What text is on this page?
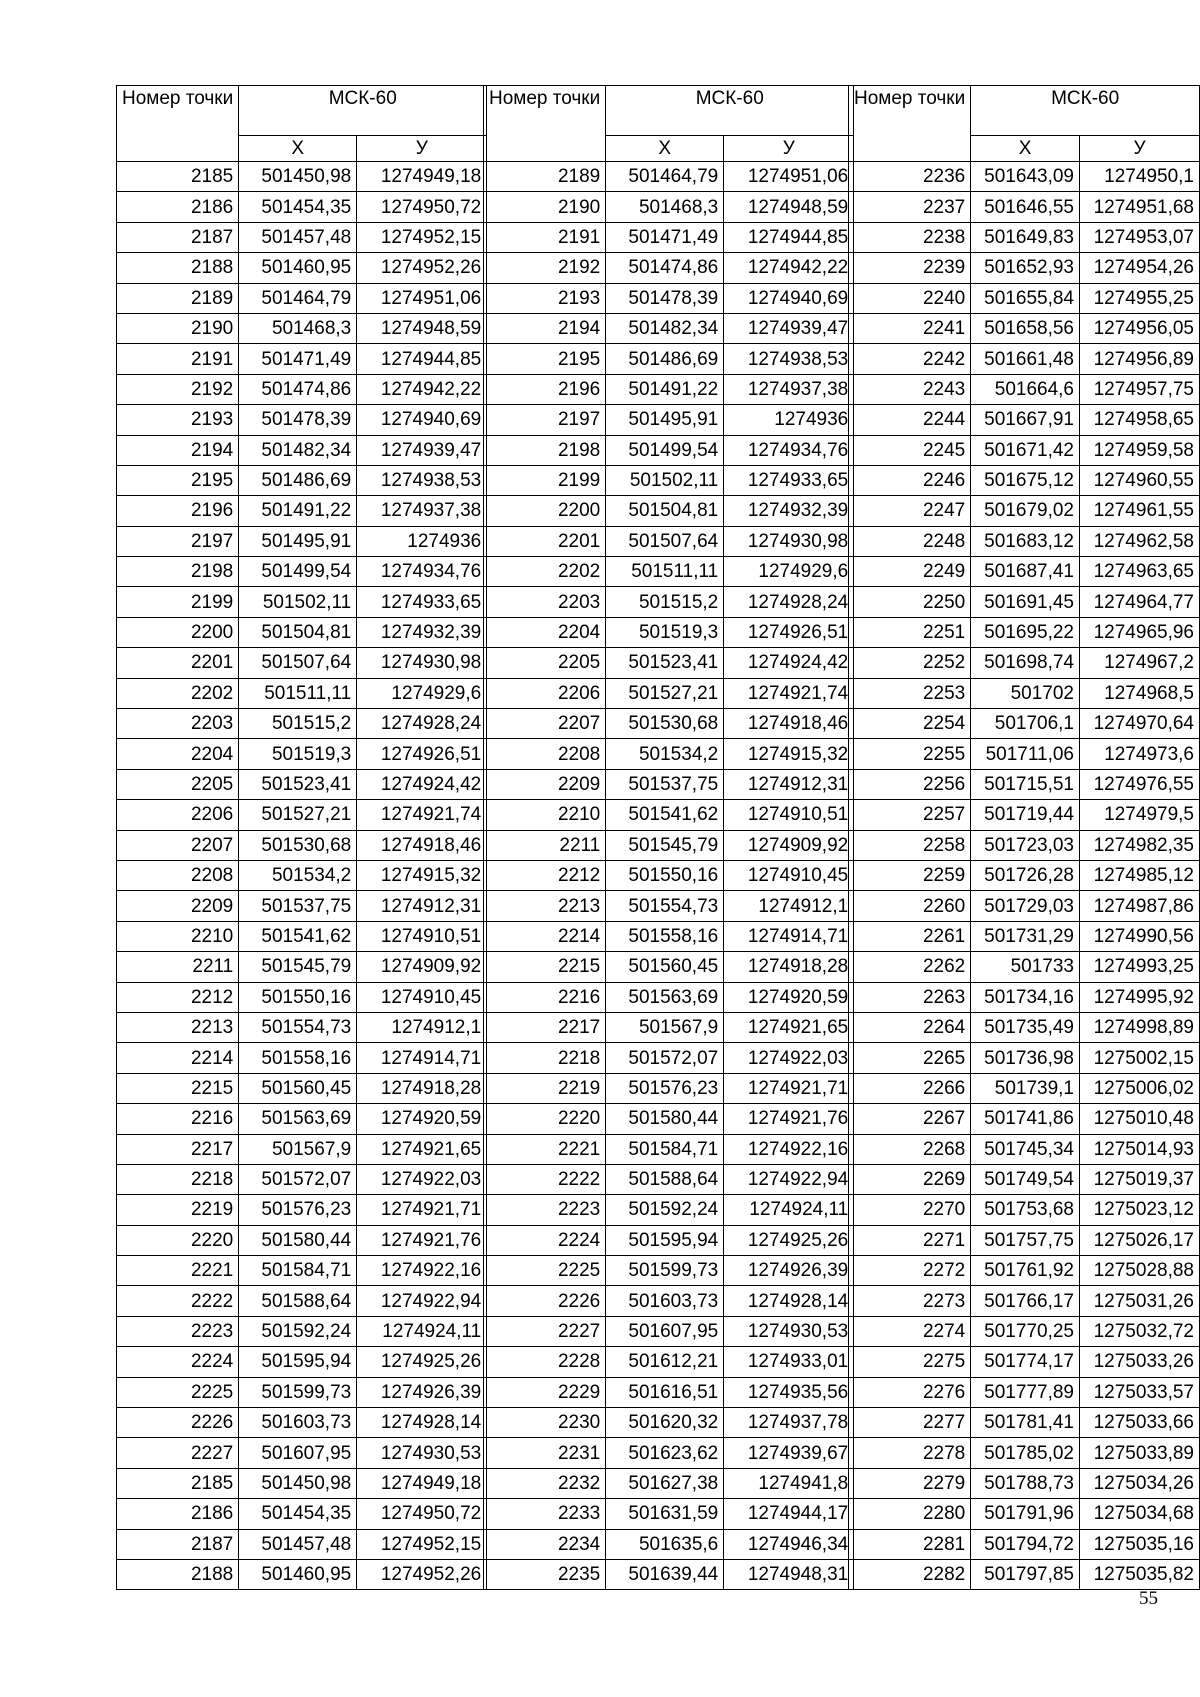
Номер точки	МСК-60	
	Х	У
2185	501450,98	1274949,18
2186	501454,35	1274950,72
2187	501457,48	1274952,15
2188	501460,95	1274952,26
2189	501464,79	1274951,06
2190	501468,3	1274948,59
2191	501471,49	1274944,85
2192	501474,86	1274942,22
2193	501478,39	1274940,69
2194	501482,34	1274939,47
2195	501486,69	1274938,53
2196	501491,22	1274937,38
2197	501495,91	1274936
2198	501499,54	1274934,76
2199	501502,11	1274933,65
2200	501504,81	1274932,39
2201	501507,64	1274930,98
2202	501511,11	1274929,6
2203	501515,2	1274928,24
2204	501519,3	1274926,51
2205	501523,41	1274924,42
2206	501527,21	1274921,74
2207	501530,68	1274918,46
2208	501534,2	1274915,32
2209	501537,75	1274912,31
2210	501541,62	1274910,51
2211	501545,79	1274909,92
2212	501550,16	1274910,45
2213	501554,73	1274912,1
2214	501558,16	1274914,71
2215	501560,45	1274918,28
2216	501563,69	1274920,59
2217	501567,9	1274921,65
2218	501572,07	1274922,03
2219	501576,23	1274921,71
2220	501580,44	1274921,76
2221	501584,71	1274922,16
2222	501588,64	1274922,94
2223	501592,24	1274924,11
2224	501595,94	1274925,26
2225	501599,73	1274926,39
2226	501603,73	1274928,14
2227	501607,95	1274930,53
2185	501450,98	1274949,18
2186	501454,35	1274950,72
2187	501457,48	1274952,15
2188	501460,95	1274952,26
Номер точки	МСК-60	
	Х	У
2189	501464,79	1274951,06
2190	501468,3	1274948,59
2191	501471,49	1274944,85
2192	501474,86	1274942,22
2193	501478,39	1274940,69
2194	501482,34	1274939,47
2195	501486,69	1274938,53
2196	501491,22	1274937,38
2197	501495,91	1274936
2198	501499,54	1274934,76
2199	501502,11	1274933,65
2200	501504,81	1274932,39
2201	501507,64	1274930,98
2202	501511,11	1274929,6
2203	501515,2	1274928,24
2204	501519,3	1274926,51
2205	501523,41	1274924,42
2206	501527,21	1274921,74
2207	501530,68	1274918,46
2208	501534,2	1274915,32
2209	501537,75	1274912,31
2210	501541,62	1274910,51
2211	501545,79	1274909,92
2212	501550,16	1274910,45
2213	501554,73	1274912,1
2214	501558,16	1274914,71
2215	501560,45	1274918,28
2216	501563,69	1274920,59
2217	501567,9	1274921,65
2218	501572,07	1274922,03
2219	501576,23	1274921,71
2220	501580,44	1274921,76
2221	501584,71	1274922,16
2222	501588,64	1274922,94
2223	501592,24	1274924,11
2224	501595,94	1274925,26
2225	501599,73	1274926,39
2226	501603,73	1274928,14
2227	501607,95	1274930,53
2228	501612,21	1274933,01
2229	501616,51	1274935,56
2230	501620,32	1274937,78
2231	501623,62	1274939,67
2232	501627,38	1274941,8
2233	501631,59	1274944,17
2234	501635,6	1274946,34
2235	501639,44	1274948,31
Номер точки	МСК-60	
	Х	У
2236	501643,09	1274950,1
2237	501646,55	1274951,68
2238	501649,83	1274953,07
2239	501652,93	1274954,26
2240	501655,84	1274955,25
2241	501658,56	1274956,05
2242	501661,48	1274956,89
2243	501664,6	1274957,75
2244	501667,91	1274958,65
2245	501671,42	1274959,58
2246	501675,12	1274960,55
2247	501679,02	1274961,55
2248	501683,12	1274962,58
2249	501687,41	1274963,65
2250	501691,45	1274964,77
2251	501695,22	1274965,96
2252	501698,74	1274967,2
2253	501702	1274968,5
2254	501706,1	1274970,64
2255	501711,06	1274973,6
2256	501715,51	1274976,55
2257	501719,44	1274979,5
2258	501723,03	1274982,35
2259	501726,28	1274985,12
2260	501729,03	1274987,86
2261	501731,29	1274990,56
2262	501733	1274993,25
2263	501734,16	1274995,92
2264	501735,49	1274998,89
2265	501736,98	1275002,15
2266	501739,1	1275006,02
2267	501741,86	1275010,48
2268	501745,34	1275014,93
2269	501749,54	1275019,37
2270	501753,68	1275023,12
2271	501757,75	1275026,17
2272	501761,92	1275028,88
2273	501766,17	1275031,26
2274	501770,25	1275032,72
2275	501774,17	1275033,26
2276	501777,89	1275033,57
2277	501781,41	1275033,66
2278	501785,02	1275033,89
2279	501788,73	1275034,26
2280	501791,96	1275034,68
2281	501794,72	1275035,16
2282	501797,85	1275035,82
55
